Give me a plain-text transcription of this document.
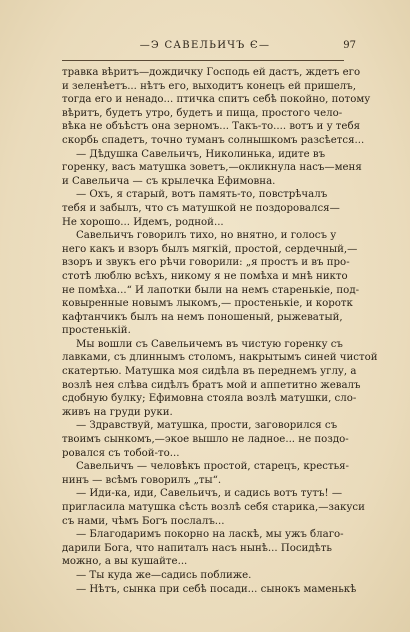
—Э САВЕЛЬИЧЪ Є—	97
травка вѣритъ—дождичку Господь ей дастъ, ждетъ его
и зеленѣетъ... нѣтъ его, выходитъ конецъ ей пришелъ,
тогда его и ненадо... птичка спитъ себѣ покойно, потому
вѣритъ, будетъ утро, будетъ и пища, простого чело-
вѣка не объѣстъ она зерномъ... Такъ-то.... вотъ и у тебя
скорбь спадетъ, точно туманъ солнышкомъ разсѣется...
— Дѣдушка Савельичъ, Николинька, идите въ
горенку, васъ матушка зоветъ,—окликнула насъ—меня
и Савельича — съ крылечка Ефимовна.
— Охъ, я старый, вотъ память-то, повстрѣчалъ
тебя и забылъ, что съ матушкой не поздоровался—
Не хорошо... Идемъ, родной...
Савельичъ говорилъ тихо, но внятно, и голосъ у
него какъ и взоръ былъ мягкій, простой, сердечный,—
взоръ и звукъ его рѣчи говорили: „я простъ и въ про-
стотѣ люблю всѣхъ, никому я не помѣха и мнѣ никто
не помѣха...“ И лапотки были на немъ старенькіе, под-
ковыренные новымъ лыкомъ,— простенькіе, и коротк
кафтанчикъ былъ на немъ поношеный, рыжеватый,
простенькій.
Мы вошли съ Савельичемъ въ чистую горенку съ
лавками, съ длиннымъ столомъ, накрытымъ синей чистой
скатертью. Матушка моя сидѣла въ переднемъ углу, а
возлѣ нея слѣва сидѣлъ братъ мой и аппетитно жевалъ
сдобную булку; Ефимовна стояла возлѣ матушки, сло-
живъ на груди руки.
— Здравствуй, матушка, прости, заговорился съ
твоимъ сынкомъ,—экое вышло не ладное... не поздо-
ровался съ тобой-то...
Савельичъ — человѣкъ простой, старецъ, крестья-
нинъ — всѣмъ говорилъ „ты“.
— Иди-ка, иди, Савельичъ, и садись вотъ тутъ! —
пригласила матушка сѣсть возлѣ себя старика,—закуси
съ нами, чѣмъ Богъ послалъ...
— Благодаримъ покорно на ласкѣ, мы ужъ благо-
дарили Бога, что напиталъ насъ нынѣ... Посидѣть
можно, а вы кушайте...
— Ты куда же—садись поближе.
— Нѣтъ, сынка при себѣ посади... сынокъ маменькѣ
